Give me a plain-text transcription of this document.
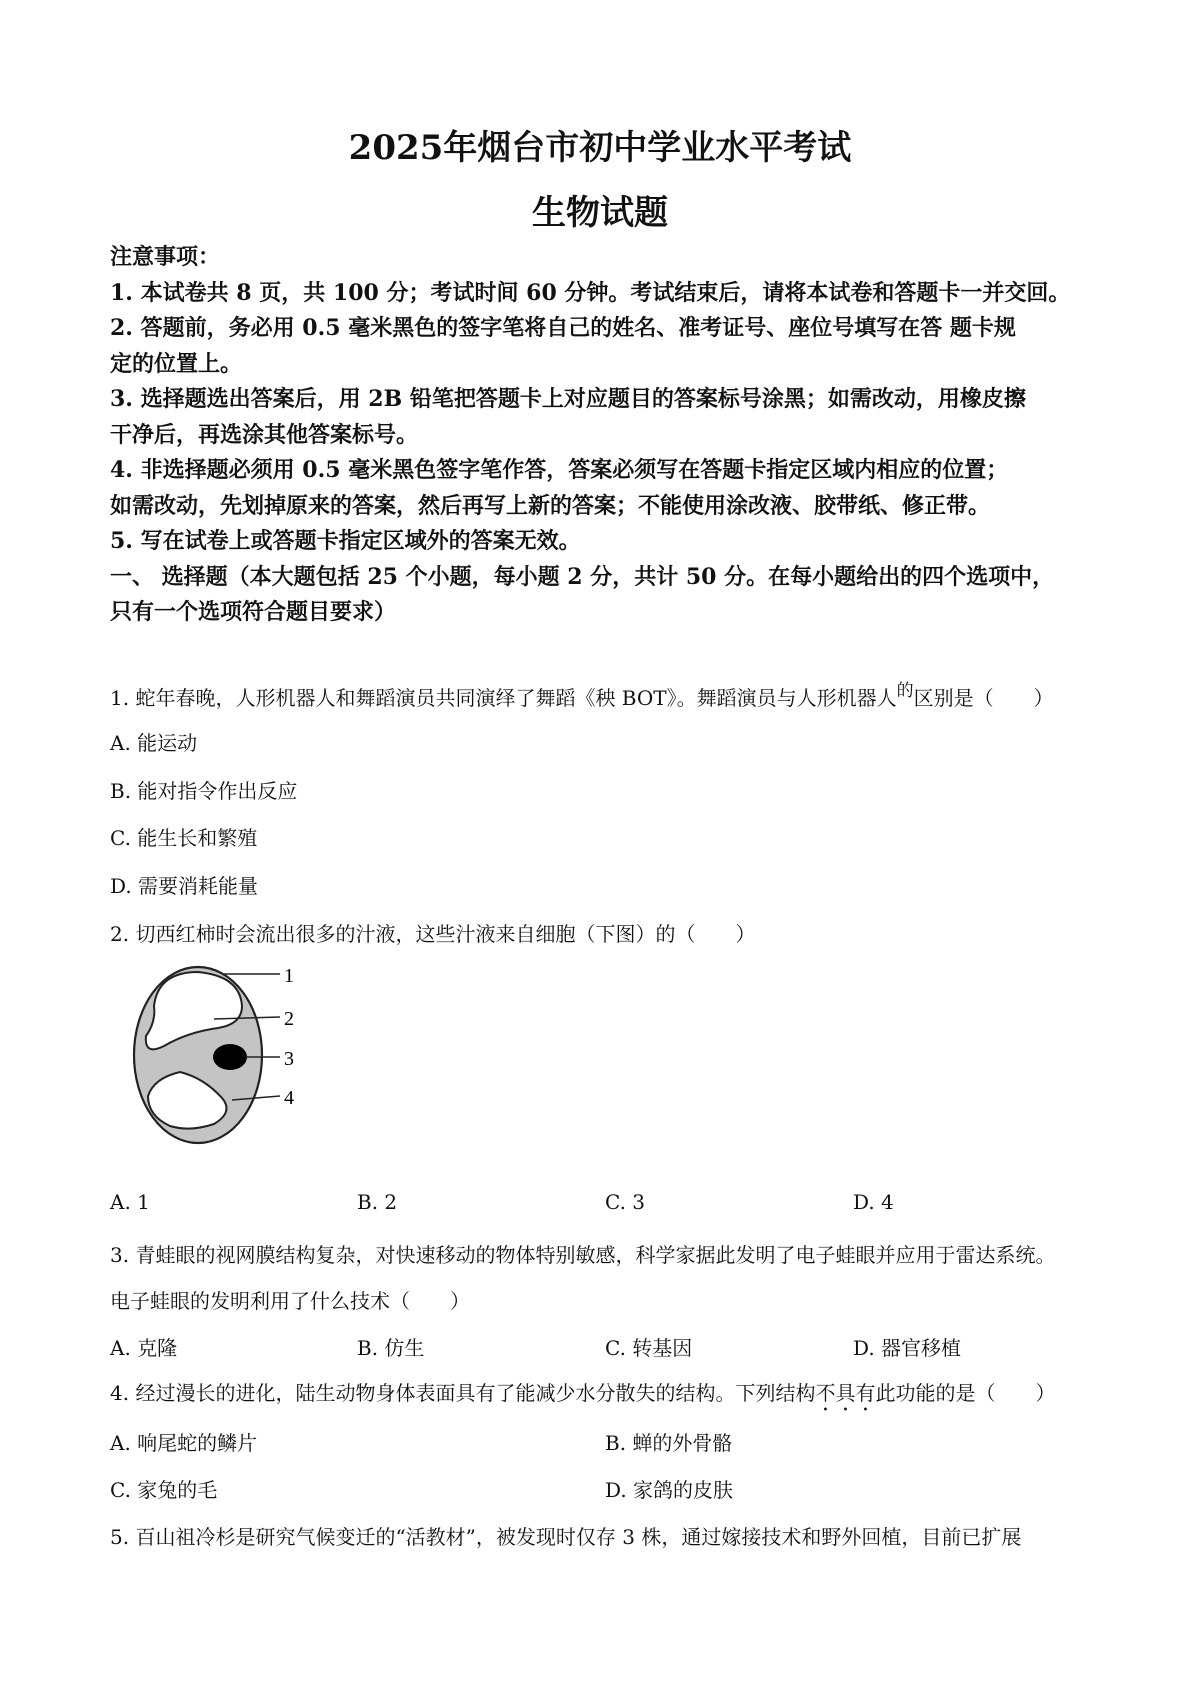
2025年烟台市初中学业水平考试
生物试题
注意事项：
1. 本试卷共 8 页，共 100 分；考试时间 60 分钟。考试结束后，请将本试卷和答题卡一并交回。
2. 答题前，务必用 0.5 毫米黑色的签字笔将自己的姓名、准考证号、座位号填写在答 题卡规
定的位置上。
3. 选择题选出答案后，用 2B 铅笔把答题卡上对应题目的答案标号涂黑；如需改动，用橡皮擦
干净后，再选涂其他答案标号。
4. 非选择题必须用 0.5 毫米黑色签字笔作答，答案必须写在答题卡指定区域内相应的位置；
如需改动，先划掉原来的答案，然后再写上新的答案；不能使用涂改液、胶带纸、修正带。
5. 写在试卷上或答题卡指定区域外的答案无效。
一、 选择题（本大题包括 25 个小题，每小题 2 分，共计 50 分。在每小题给出的四个选项中，
只有一个选项符合题目要求）
1. 蛇年春晚，人形机器人和舞蹈演员共同演绎了舞蹈《秧 BOT》。舞蹈演员与人形机器人$^的$区别是（　　）
A. 能运动
B. 能对指令作出反应
C. 能生长和繁殖
D. 需要消耗能量
2. 切西红柿时会流出很多的汁液，这些汁液来自细胞（下图）的（　　）
1
2
3
4
A. 1	B. 2	C. 3	D. 4
3. 青蛙眼的视网膜结构复杂，对快速移动的物体特别敏感，科学家据此发明了电子蛙眼并应用于雷达系统。
电子蛙眼的发明利用了什么技术（　　）
A. 克隆	B. 仿生	C. 转基因	D. 器官移植
4. 经过漫长的进化，陆生动物身体表面具有了能减少水分散失的结构。下列结构不具有此功能的是（　　）
A. 响尾蛇的鳞片	B. 蝉的外骨骼
C. 家兔的毛	D. 家鸽的皮肤
5. 百山祖冷杉是研究气候变迁的“活教材”，被发现时仅存 3 株，通过嫁接技术和野外回植，目前已扩展
